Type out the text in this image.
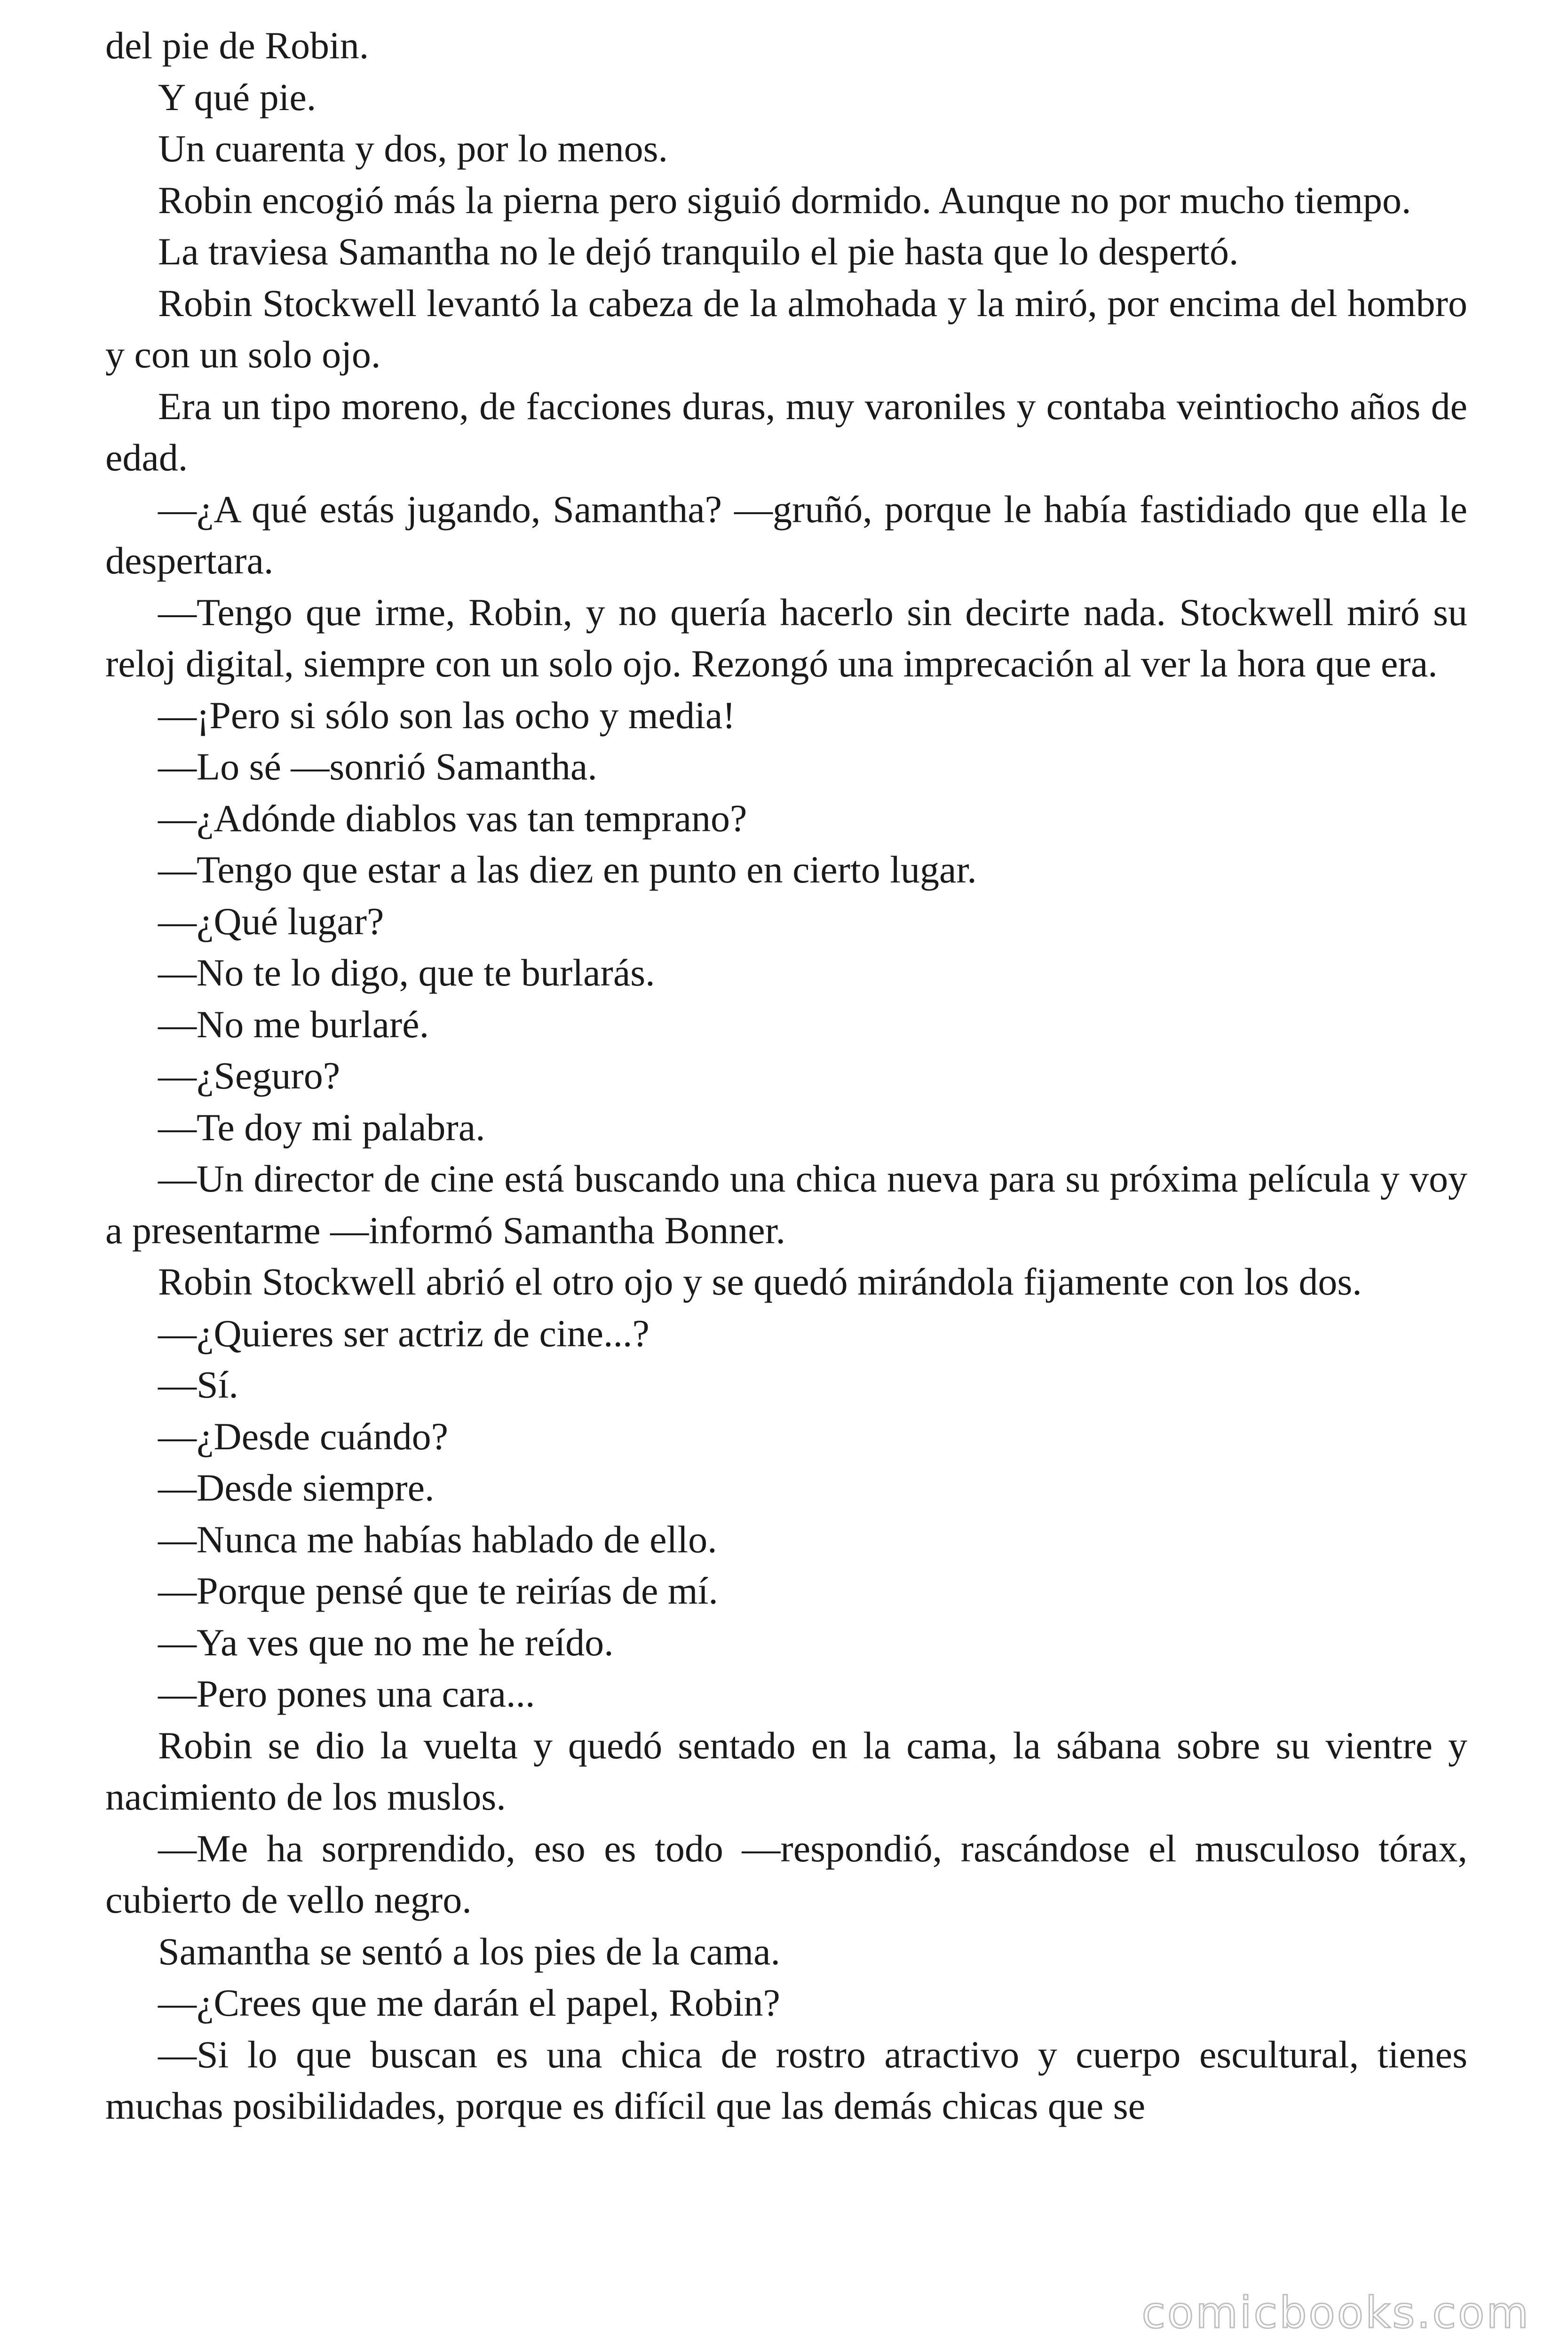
del pie de Robin.

Y qué pie.

Un cuarenta y dos, por lo menos.

Robin encogió más la pierna pero siguió dormido. Aunque no por mucho tiempo.

La traviesa Samantha no le dejó tranquilo el pie hasta que lo despertó.

Robin Stockwell levantó la cabeza de la almohada y la miró, por encima del hombro y con un solo ojo.

Era un tipo moreno, de facciones duras, muy varoniles y contaba veintiocho años de edad.

—¿A qué estás jugando, Samantha? —gruñó, porque le había fastidiado que ella le despertara.

—Tengo que irme, Robin, y no quería hacerlo sin decirte nada. Stockwell miró su reloj digital, siempre con un solo ojo. Rezongó una imprecación al ver la hora que era.

—¡Pero si sólo son las ocho y media!

—Lo sé —sonrió Samantha.

—¿Adónde diablos vas tan temprano?

—Tengo que estar a las diez en punto en cierto lugar.

—¿Qué lugar?

—No te lo digo, que te burlarás.

—No me burlaré.

—¿Seguro?

—Te doy mi palabra.

—Un director de cine está buscando una chica nueva para su próxima película y voy a presentarme —informó Samantha Bonner.

Robin Stockwell abrió el otro ojo y se quedó mirándola fijamente con los dos.

—¿Quieres ser actriz de cine...?

—Sí.

—¿Desde cuándo?

—Desde siempre.

—Nunca me habías hablado de ello.

—Porque pensé que te reirías de mí.

—Ya ves que no me he reído.

—Pero pones una cara...

Robin se dio la vuelta y quedó sentado en la cama, la sábana sobre su vientre y nacimiento de los muslos.

—Me ha sorprendido, eso es todo —respondió, rascándose el musculoso tórax, cubierto de vello negro.

Samantha se sentó a los pies de la cama.

—¿Crees que me darán el papel, Robin?

—Si lo que buscan es una chica de rostro atractivo y cuerpo escultural, tienes muchas posibilidades, porque es difícil que las demás chicas que se

comicbooks.com
